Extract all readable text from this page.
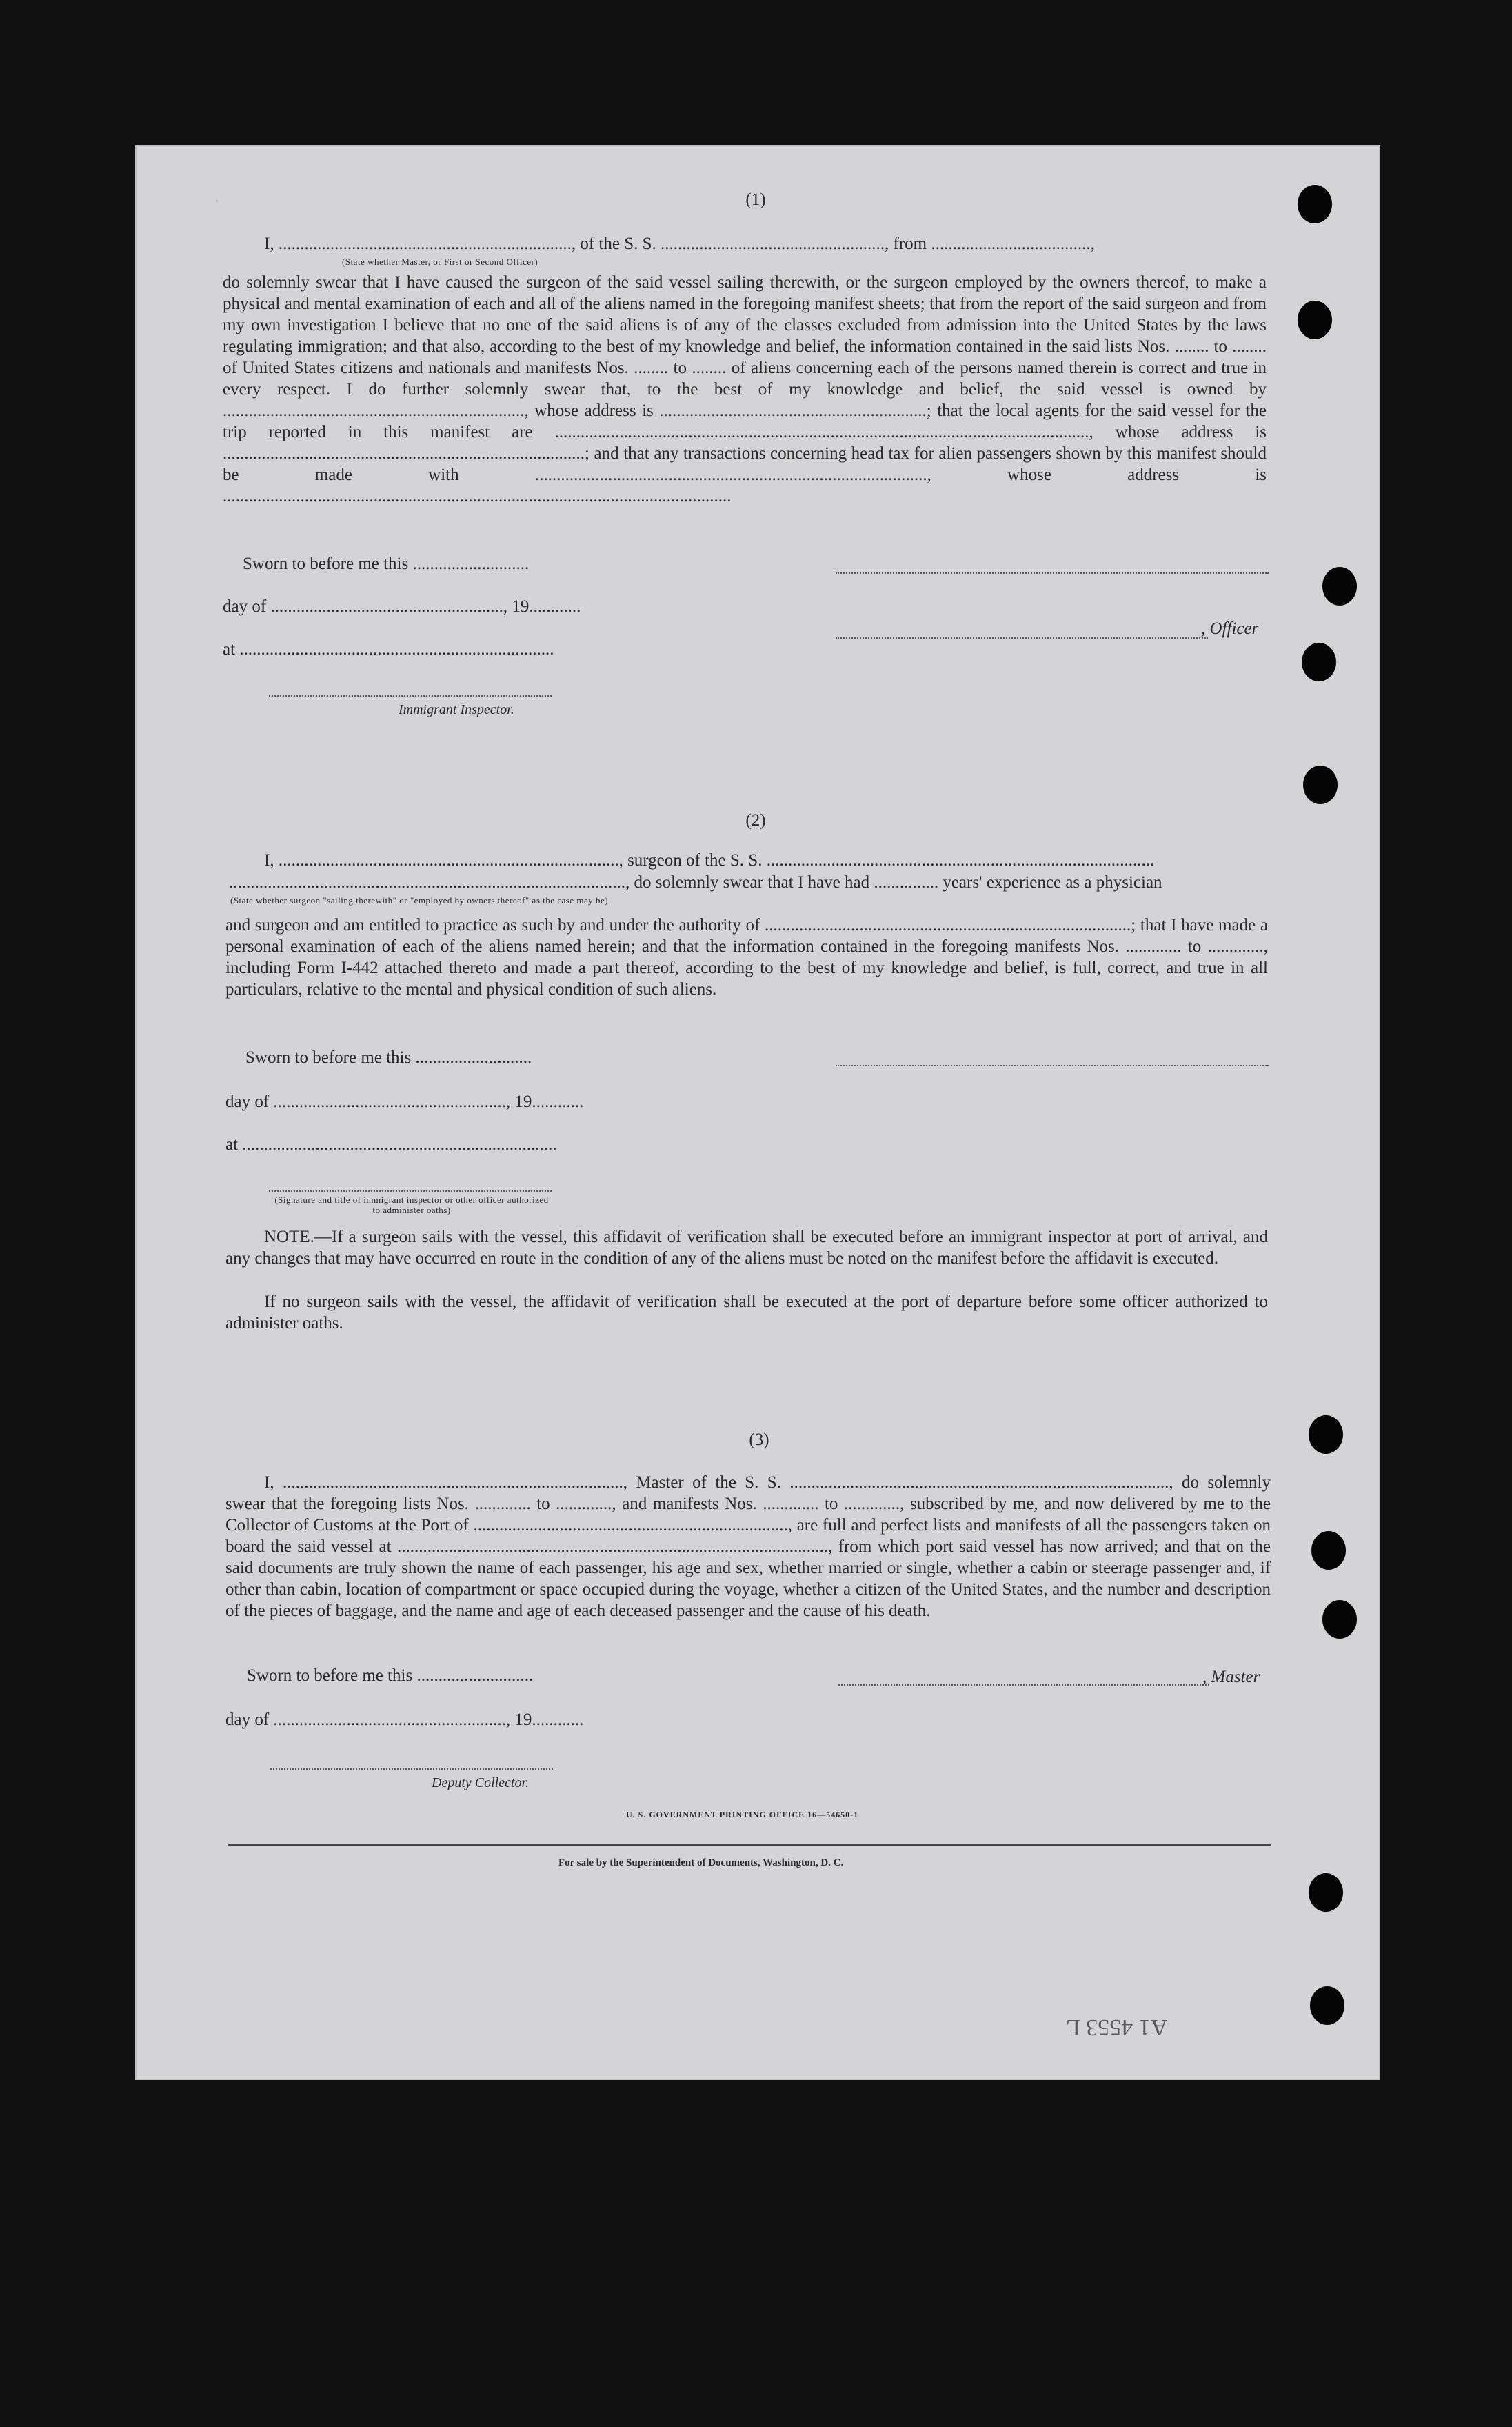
(1)
I, ...................................................................., of the S. S. ...................................................., from .....................................,
(State whether Master, or First or Second Officer)
do solemnly swear that I have caused the surgeon of the said vessel sailing therewith, or the surgeon employed by the owners thereof, to make a physical and mental examination of each and all of the aliens named in the foregoing manifest sheets; that from the report of the said surgeon and from my own investigation I believe that no one of the said aliens is of any of the classes excluded from admission into the United States by the laws regulating immigration; and that also, according to the best of my knowledge and belief, the information contained in the said lists Nos. ........ to ........ of United States citizens and nationals and manifests Nos. ........ to ........ of aliens concerning each of the persons named therein is correct and true in every respect. I do further solemnly swear that, to the best of my knowledge and belief, the said vessel is owned by ......................................................................, whose address is ..............................................................; that the local agents for the said vessel for the trip reported in this manifest are ............................................................................................................................, whose address is ....................................................................................; and that any transactions concerning head tax for alien passengers shown by this manifest should be made with ..........................................................................................., whose address is ......................................................................................................................
Sworn to before me this ...........................
day of ......................................................, 19............
, Officer
at .........................................................................
Immigrant Inspector.
(2)
I, ..............................................................................., surgeon of the S. S. ..........................................................................................
............................................................................................, do solemnly swear that I have had ............... years' experience as a physician
(State whether surgeon "sailing therewith" or "employed by owners thereof" as the case may be)
and surgeon and am entitled to practice as such by and under the authority of .....................................................................................; that I have made a personal examination of each of the aliens named herein; and that the information contained in the foregoing manifests Nos. ............. to ............., including Form I-442 attached thereto and made a part thereof, according to the best of my knowledge and belief, is full, correct, and true in all particulars, relative to the mental and physical condition of such aliens.
Sworn to before me this ...........................
day of ......................................................, 19............
at .........................................................................
(Signature and title of immigrant inspector or other officer authorized to administer oaths)
NOTE.—If a surgeon sails with the vessel, this affidavit of verification shall be executed before an immigrant inspector at port of arrival, and any changes that may have occurred en route in the condition of any of the aliens must be noted on the manifest before the affidavit is executed.
If no surgeon sails with the vessel, the affidavit of verification shall be executed at the port of departure before some officer authorized to administer oaths.
(3)
I, ..............................................................................., Master of the S. S. ........................................................................................, do solemnly swear that the foregoing lists Nos. ............. to ............., and manifests Nos. ............. to ............., subscribed by me, and now delivered by me to the Collector of Customs at the Port of ........................................................................., are full and perfect lists and manifests of all the passengers taken on board the said vessel at ...................................................................................................., from which port said vessel has now arrived; and that on the said documents are truly shown the name of each passenger, his age and sex, whether married or single, whether a cabin or steerage passenger and, if other than cabin, location of compartment or space occupied during the voyage, whether a citizen of the United States, and the number and description of the pieces of baggage, and the name and age of each deceased passenger and the cause of his death.
Sworn to before me this ...........................	, Master
day of ......................................................, 19............
Deputy Collector.
U. S. GOVERNMENT PRINTING OFFICE 16—54650-1
For sale by the Superintendent of Documents, Washington, D. C.
A1 4553 L
